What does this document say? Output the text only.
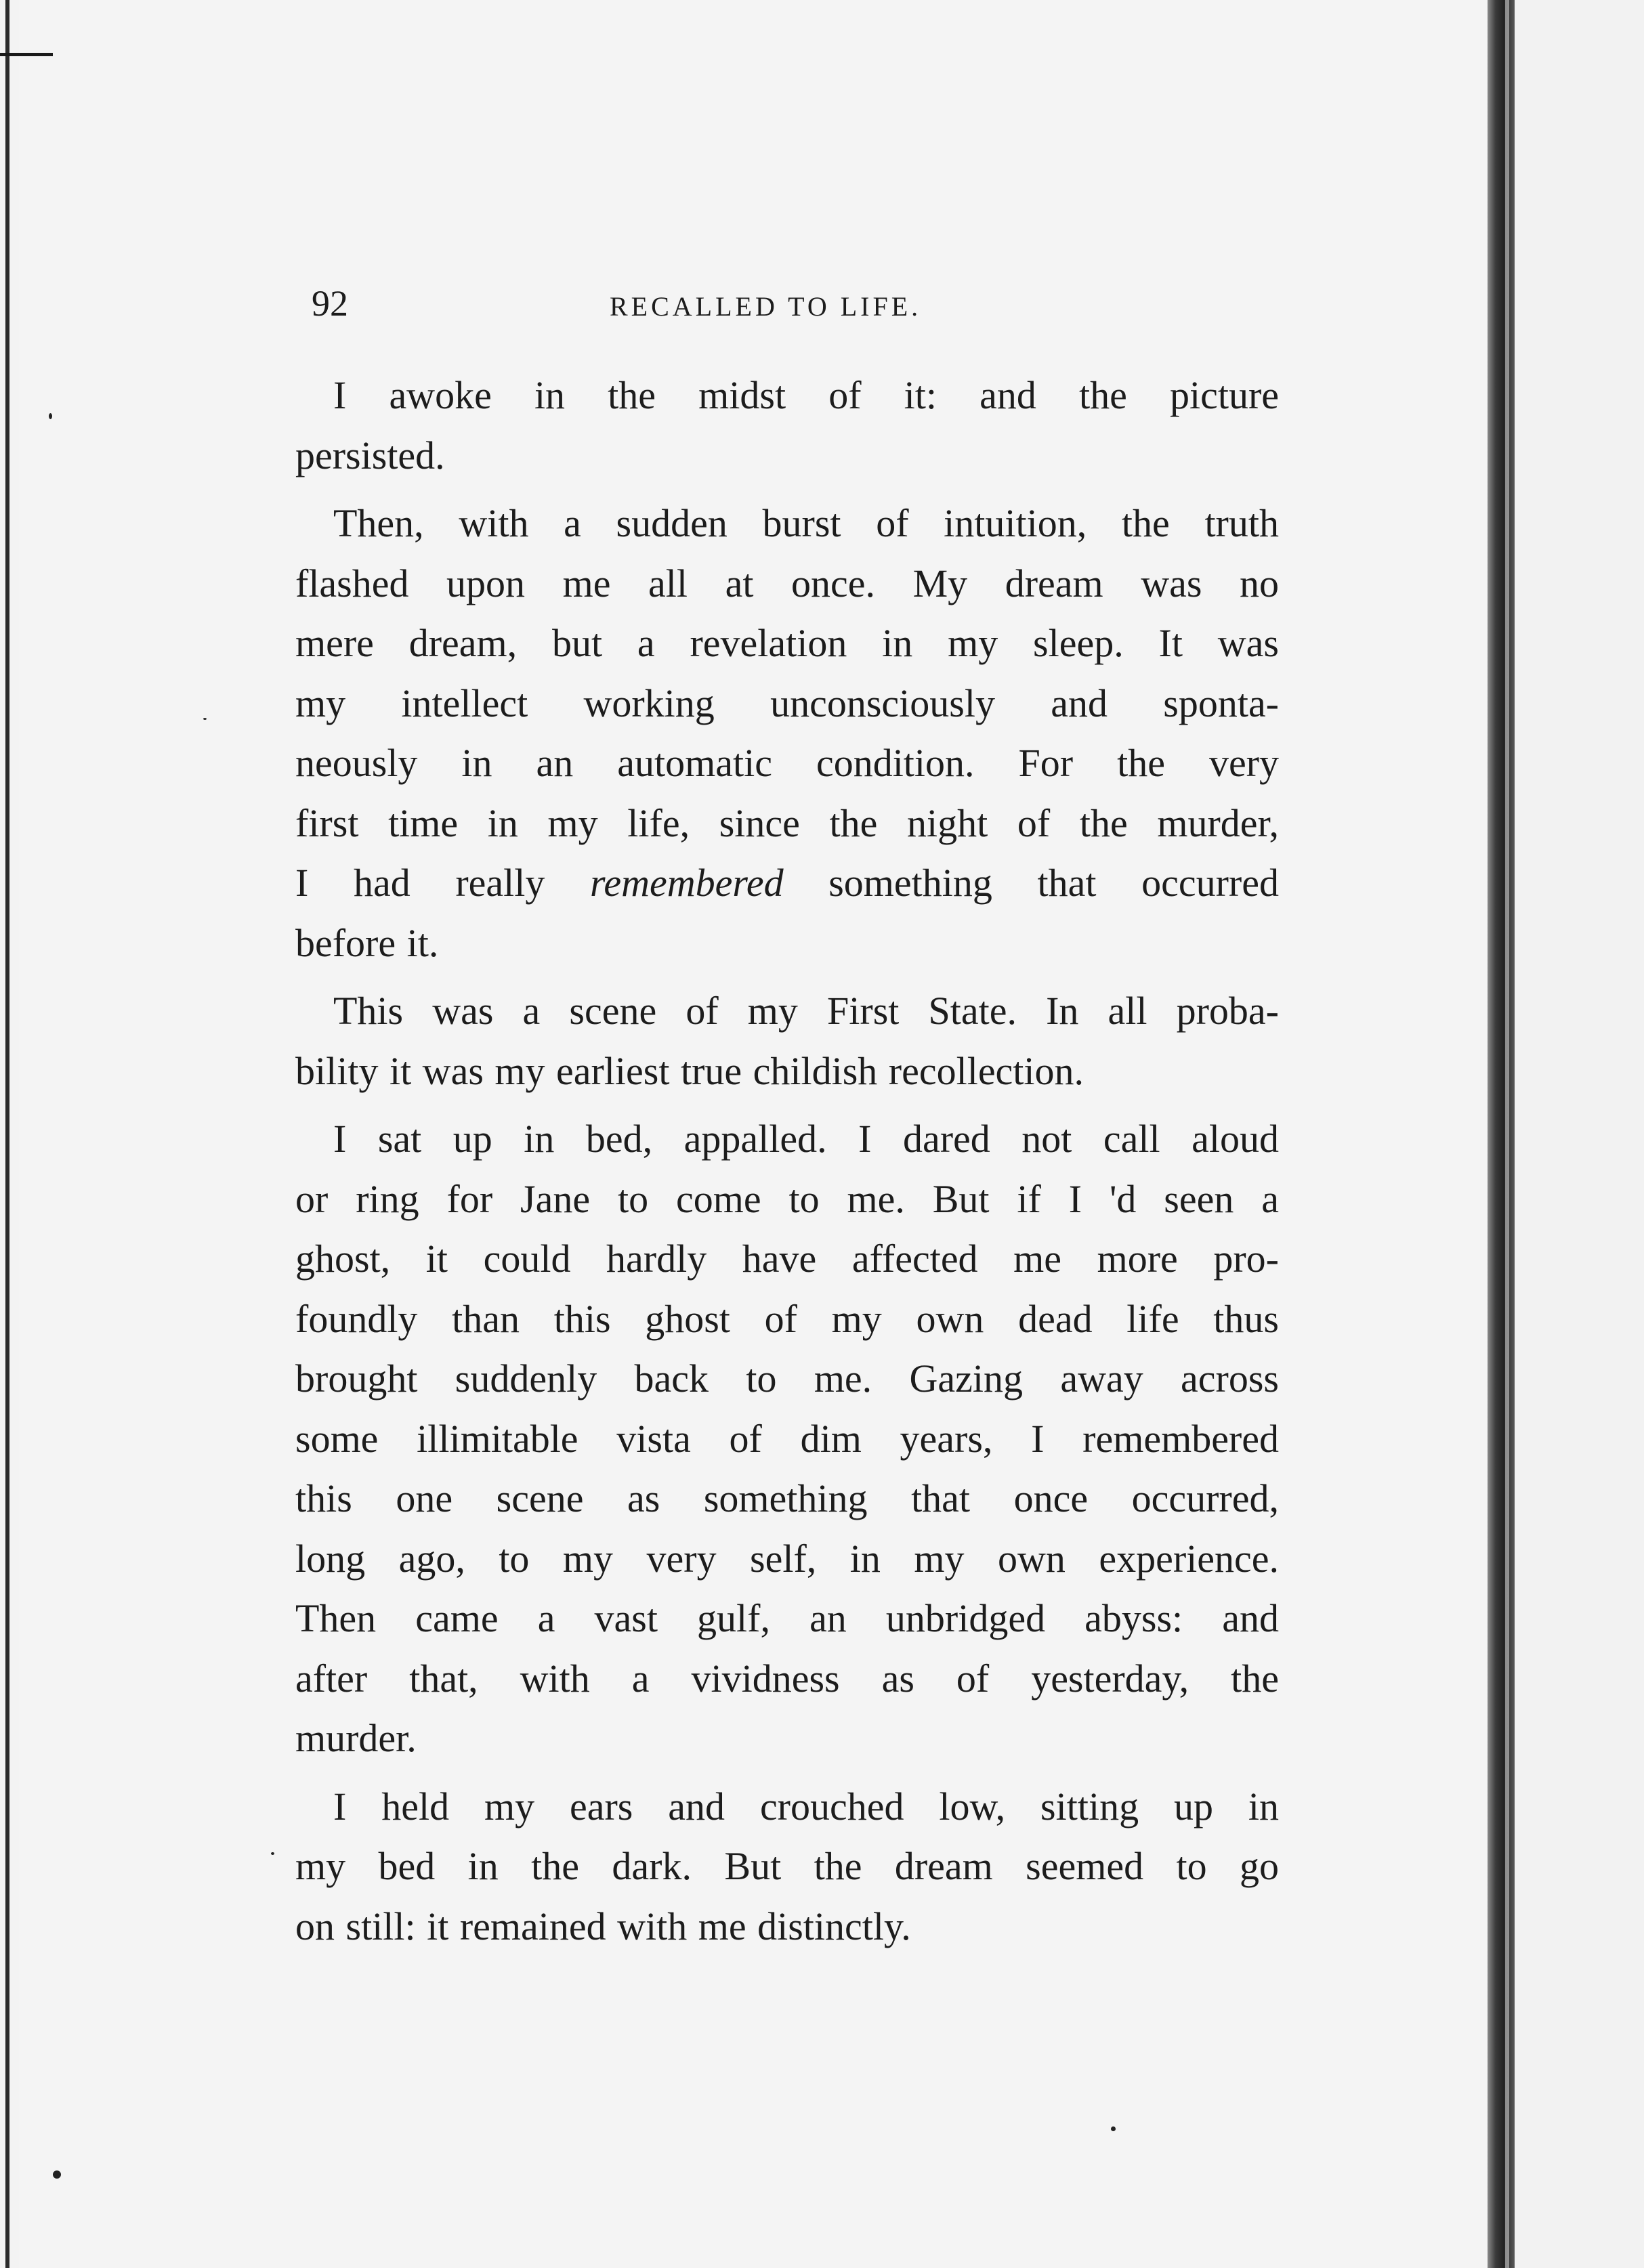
92	RECALLED TO LIFE.

I awoke in the midst of it: and the picture
persisted.

Then, with a sudden burst of intuition, the truth
flashed upon me all at once. My dream was no
mere dream, but a revelation in my sleep. It was
my intellect working unconsciously and sponta-
neously in an automatic condition. For the very
first time in my life, since the night of the murder,
I had really remembered something that occurred
before it.

This was a scene of my First State. In all proba-
bility it was my earliest true childish recollection.

I sat up in bed, appalled. I dared not call aloud
or ring for Jane to come to me. But if I 'd seen a
ghost, it could hardly have affected me more pro-
foundly than this ghost of my own dead life thus
brought suddenly back to me. Gazing away across
some illimitable vista of dim years, I remembered
this one scene as something that once occurred,
long ago, to my very self, in my own experience.
Then came a vast gulf, an unbridged abyss: and
after that, with a vividness as of yesterday, the
murder.

I held my ears and crouched low, sitting up in
my bed in the dark. But the dream seemed to go
on still: it remained with me distinctly.
